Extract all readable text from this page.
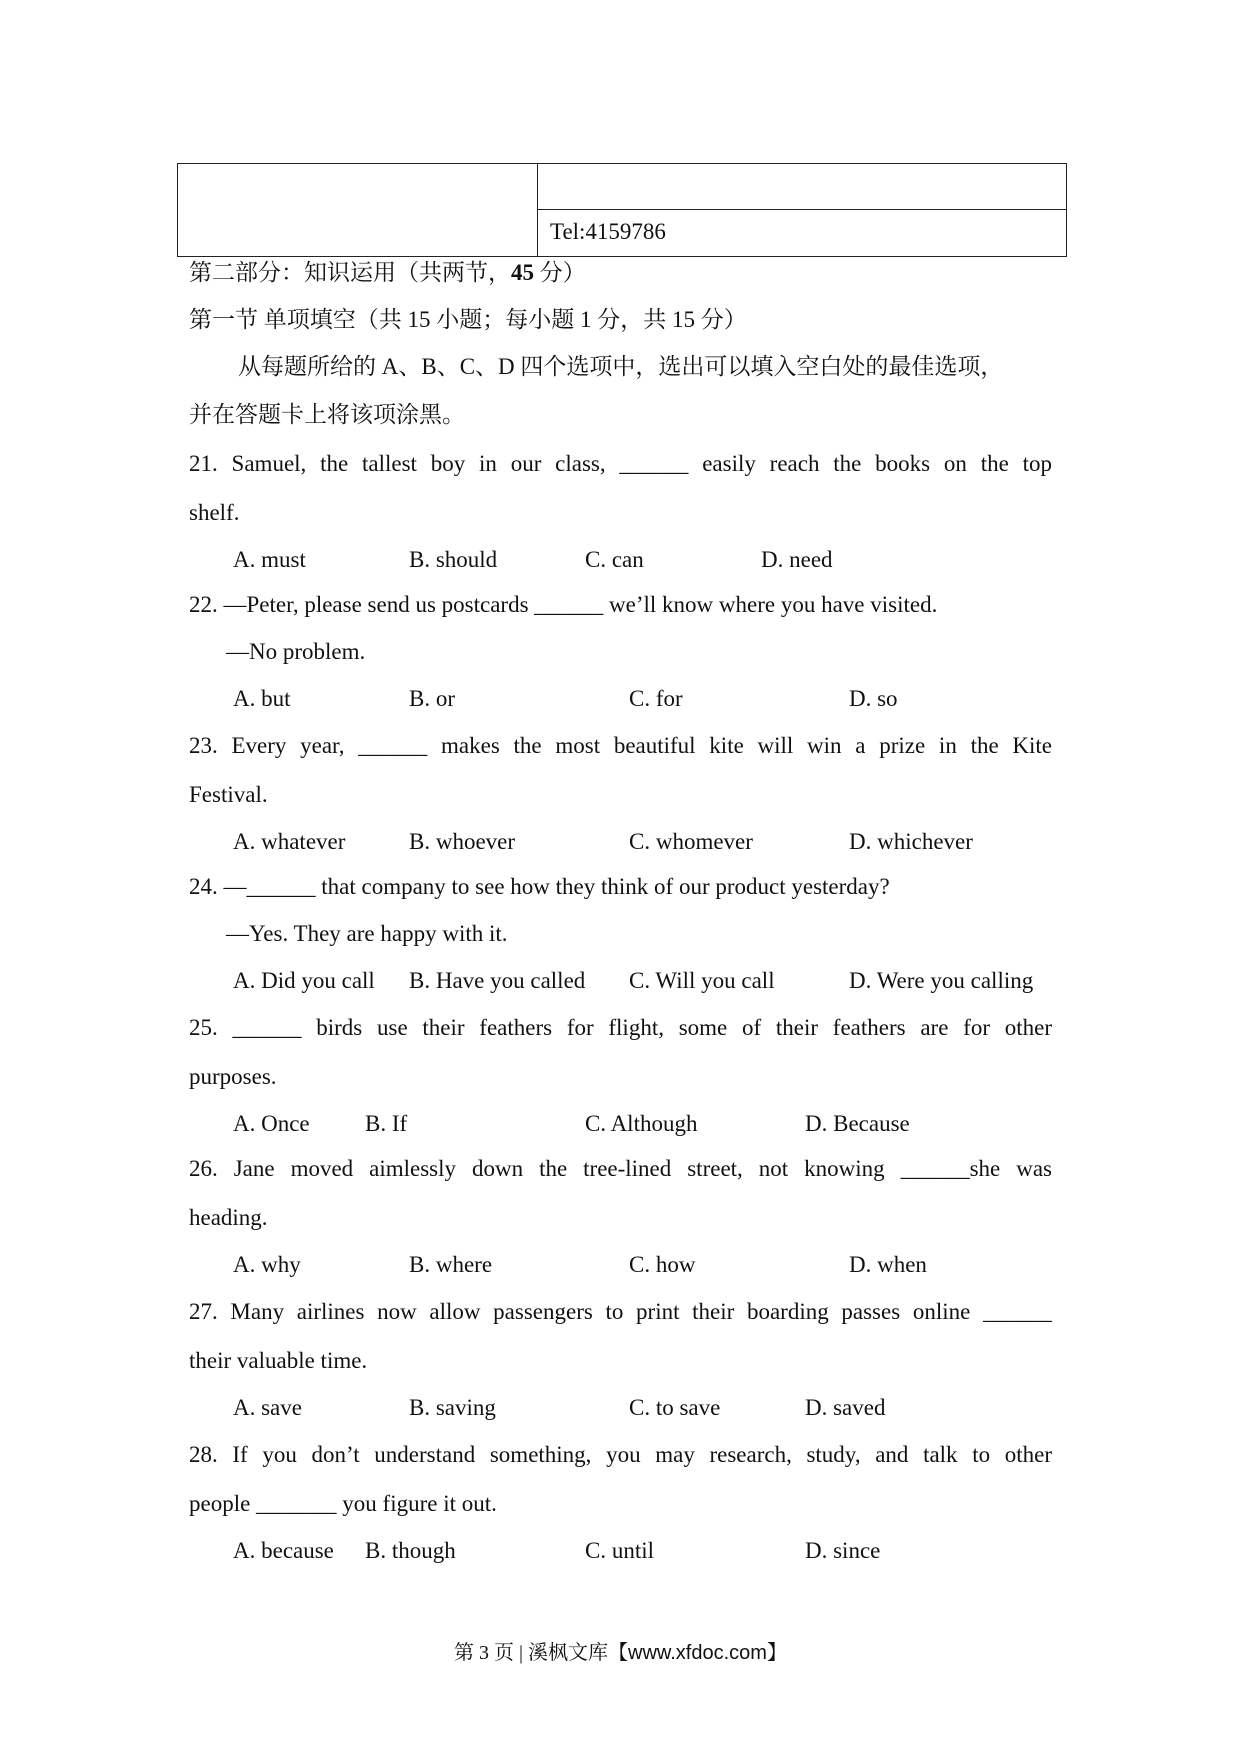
Tel:4159786
第二部分：知识运用（共两节，45 分）
第一节 单项填空（共 15 小题；每小题 1 分，共 15 分）
从每题所给的 A、B、C、D 四个选项中，选出可以填入空白处的最佳选项，
并在答题卡上将该项涂黑。
21. Samuel, the tallest boy in our class, ______ easily reach the books on the top
shelf.
A. must	B. should	C. can	D. need
22. —Peter, please send us postcards ______ we’ll know where you have visited.
—No problem.
A. but	B. or	C. for	D. so
23. Every year, ______ makes the most beautiful kite will win a prize in the Kite
Festival.
A. whatever	B. whoever	C. whomever	D. whichever
24. —______ that company to see how they think of our product yesterday?
—Yes. They are happy with it.
A. Did you call B. Have you called C. Will you call	D. Were you calling
25. ______ birds use their feathers for flight, some of their feathers are for other
purposes.
A. Once B. If	C. Although	D. Because
26. Jane moved aimlessly down the tree-lined street, not knowing ______she was
heading.
A. why	B. where	C. how	D. when
27. Many airlines now allow passengers to print their boarding passes online ______
their valuable time.
A. save	B. saving	C. to save	D. saved
28. If you don’t understand something, you may research, study, and talk to other
people _______ you figure it out.
A. because B. though	C. until	D. since
第 3 页 | 溪枫文库【www.xfdoc.com】
